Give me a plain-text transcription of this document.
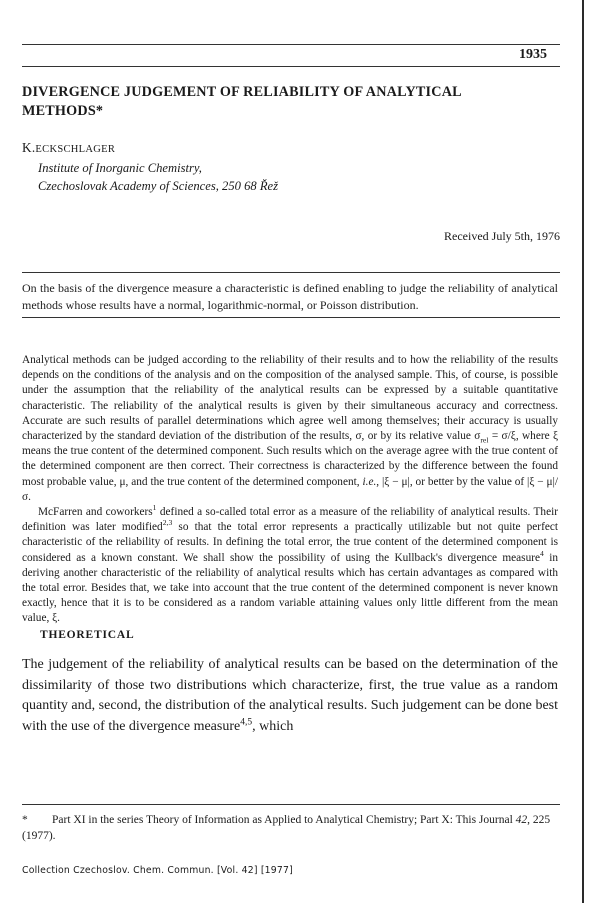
1935
DIVERGENCE JUDGEMENT OF RELIABILITY OF ANALYTICAL METHODS*
K.ECKSCHLAGER
Institute of Inorganic Chemistry,
Czechoslovak Academy of Sciences, 250 68 Řež
Received July 5th, 1976
On the basis of the divergence measure a characteristic is defined enabling to judge the reliability of analytical methods whose results have a normal, logarithmic-normal, or Poisson distribution.

Analytical methods can be judged according to the reliability of their results and to how the reliability of the results depends on the conditions of the analysis and on the composition of the analysed sample. This, of course, is possible under the assumption that the reliability of the analytical results can be expressed by a suitable quantitative characteristic. The reliability of the analytical results is given by their simultaneous accuracy and correctness. Accurate are such results of parallel determinations which agree well among themselves; their accuracy is usually characterized by the standard deviation of the distribution of the results, σ, or by its relative value $\sigma_{rel} = \sigma/\xi$, where ξ means the true content of the determined component. Such results which on the average agree with the true content of the determined component are then correct. Their correctness is characterized by the difference between the found most probable value, μ, and the true content of the determined component, i.e., |ξ − μ|, or better by the value of |ξ − μ|/σ.

McFarren and coworkers$^1$ defined a so-called total error as a measure of the reliability of analytical results. Their definition was later modified$^{2,3}$ so that the total error represents a practically utilizable but not quite perfect characteristic of the reliability of results. In defining the total error, the true content of the determined component is considered as a known constant. We shall show the possibility of using the Kullback's divergence measure$^4$ in deriving another characteristic of the reliability of analytical results which has certain advantages as compared with the total error. Besides that, we take into account that the true content of the determined component is never known exactly, hence that it is to be considered as a random variable attaining values only little different from the mean value, ξ.

THEORETICAL
The judgement of the reliability of analytical results can be based on the determination of the dissimilarity of those two distributions which characterize, first, the true value as a random quantity and, second, the distribution of the analytical results. Such judgement can be done best with the use of the divergence measure$^{4,5}$, which
* Part XI in the series Theory of Information as Applied to Analytical Chemistry; Part X: This Journal 42, 225 (1977).
Collection Czechoslov. Chem. Commun. [Vol. 42] [1977]
